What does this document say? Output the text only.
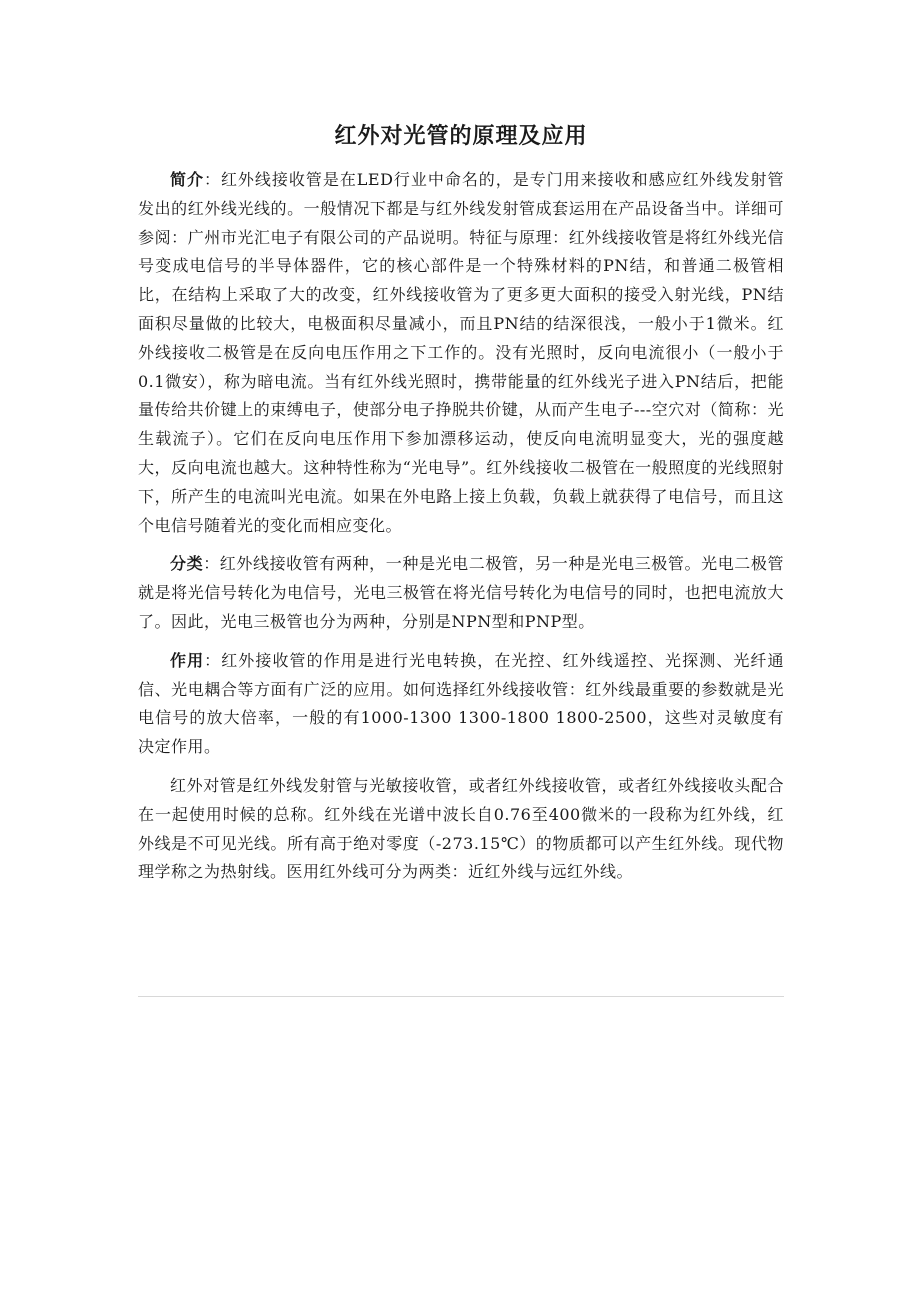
红外对光管的原理及应用

简介：红外线接收管是在LED行业中命名的，是专门用来接收和感应红外线发射管发出的红外线光线的。一般情况下都是与红外线发射管成套运用在产品设备当中。详细可参阅：广州市光汇电子有限公司的产品说明。特征与原理：红外线接收管是将红外线光信号变成电信号的半导体器件，它的核心部件是一个特殊材料的PN结，和普通二极管相比，在结构上采取了大的改变，红外线接收管为了更多更大面积的接受入射光线，PN结面积尽量做的比较大，电极面积尽量减小，而且PN结的结深很浅，一般小于1微米。红外线接收二极管是在反向电压作用之下工作的。没有光照时，反向电流很小（一般小于0.1微安），称为暗电流。当有红外线光照时，携带能量的红外线光子进入PN结后，把能量传给共价键上的束缚电子，使部分电子挣脱共价键，从而产生电子---空穴对（简称：光生载流子）。它们在反向电压作用下参加漂移运动，使反向电流明显变大，光的强度越大，反向电流也越大。这种特性称为“光电导”。红外线接收二极管在一般照度的光线照射下，所产生的电流叫光电流。如果在外电路上接上负载，负载上就获得了电信号，而且这个电信号随着光的变化而相应变化。

分类：红外线接收管有两种，一种是光电二极管，另一种是光电三极管。光电二极管就是将光信号转化为电信号，光电三极管在将光信号转化为电信号的同时，也把电流放大了。因此，光电三极管也分为两种，分别是NPN型和PNP型。

作用：红外接收管的作用是进行光电转换，在光控、红外线遥控、光探测、光纤通信、光电耦合等方面有广泛的应用。如何选择红外线接收管：红外线最重要的参数就是光电信号的放大倍率，一般的有1000-1300 1300-1800 1800-2500，这些对灵敏度有决定作用。

红外对管是红外线发射管与光敏接收管，或者红外线接收管，或者红外线接收头配合在一起使用时候的总称。红外线在光谱中波长自0.76至400微米的一段称为红外线，红外线是不可见光线。所有高于绝对零度（-273.15℃）的物质都可以产生红外线。现代物理学称之为热射线。医用红外线可分为两类：近红外线与远红外线。
